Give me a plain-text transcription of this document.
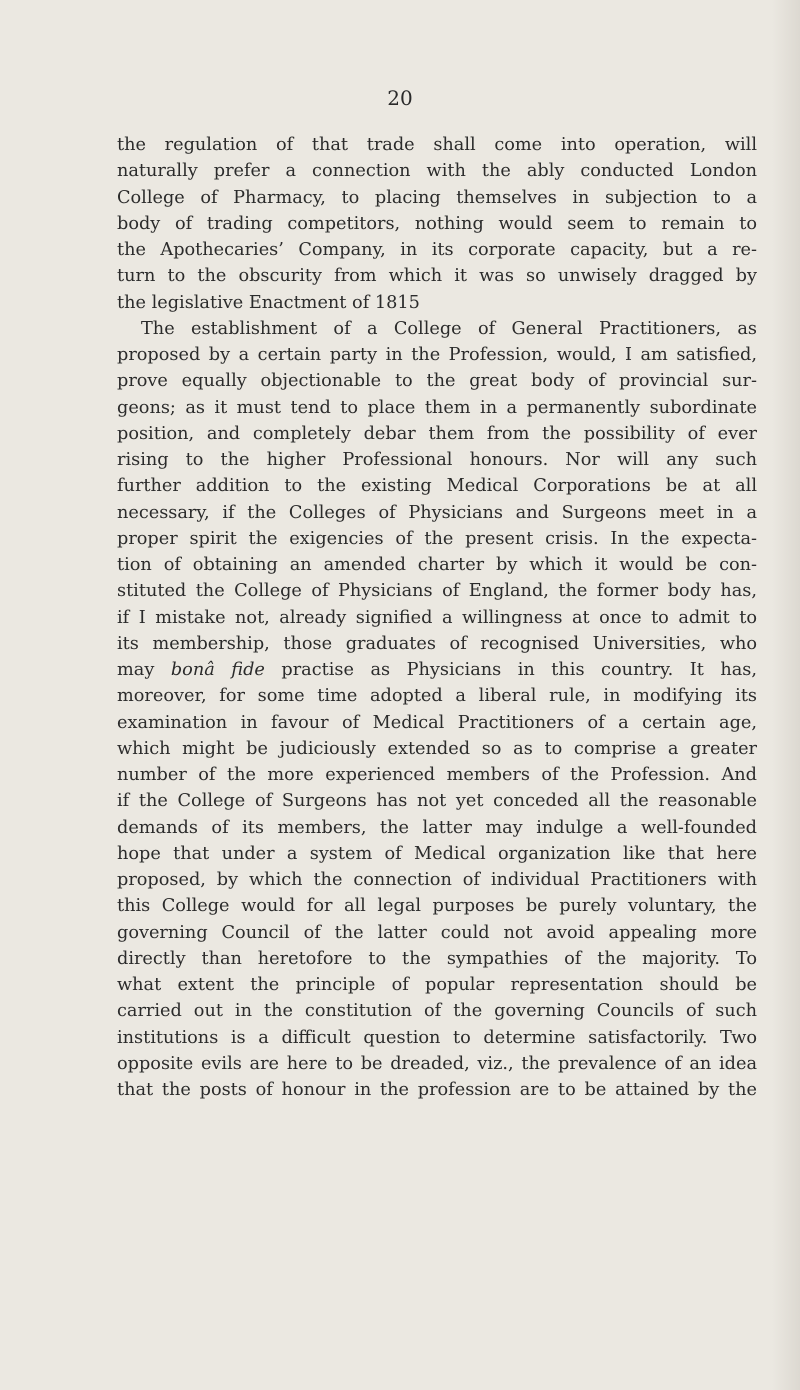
20
the regulation of that trade shall come into operation, will
naturally prefer a connection with the ably conducted London
College of Pharmacy, to placing themselves in subjection to a
body of trading competitors, nothing would seem to remain to
the Apothecaries’ Company, in its corporate capacity, but a re-
turn to the obscurity from which it was so unwisely dragged by
the legislative Enactment of 1815
The establishment of a College of General Practitioners, as
proposed by a certain party in the Profession, would, I am satisfied,
prove equally objectionable to the great body of provincial sur-
geons; as it must tend to place them in a permanently subordinate
position, and completely debar them from the possibility of ever
rising to the higher Professional honours. Nor will any such
further addition to the existing Medical Corporations be at all
necessary, if the Colleges of Physicians and Surgeons meet in a
proper spirit the exigencies of the present crisis. In the expecta-
tion of obtaining an amended charter by which it would be con-
stituted the College of Physicians of England, the former body has,
if I mistake not, already signified a willingness at once to admit to
its membership, those graduates of recognised Universities, who
may bonâ fide practise as Physicians in this country. It has,
moreover, for some time adopted a liberal rule, in modifying its
examination in favour of Medical Practitioners of a certain age,
which might be judiciously extended so as to comprise a greater
number of the more experienced members of the Profession. And
if the College of Surgeons has not yet conceded all the reasonable
demands of its members, the latter may indulge a well-founded
hope that under a system of Medical organization like that here
proposed, by which the connection of individual Practitioners with
this College would for all legal purposes be purely voluntary, the
governing Council of the latter could not avoid appealing more
directly than heretofore to the sympathies of the majority. To
what extent the principle of popular representation should be
carried out in the constitution of the governing Councils of such
institutions is a difficult question to determine satisfactorily. Two
opposite evils are here to be dreaded, viz., the prevalence of an idea
that the posts of honour in the profession are to be attained by the
